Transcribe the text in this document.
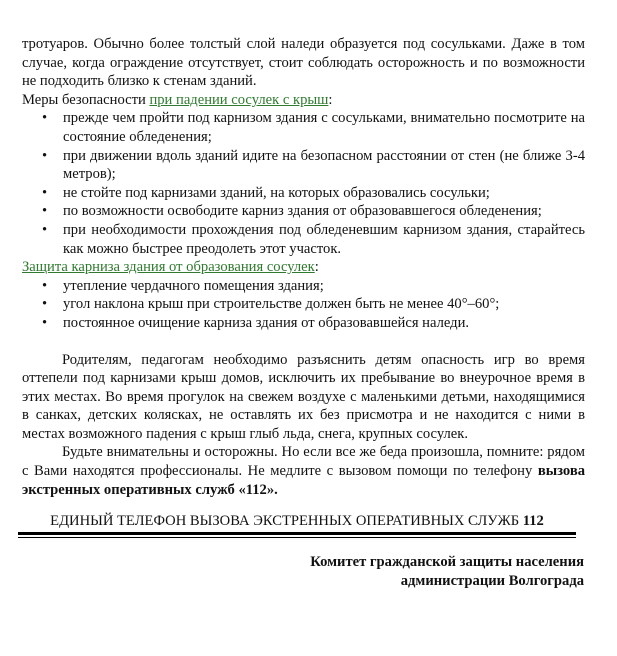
тротуаров. Обычно более толстый слой наледи образуется под сосульками. Даже в том случае, когда ограждение отсутствует, стоит соблюдать осторожность и по возможности не подходить близко к стенам зданий.

Меры безопасности при падении сосулек с крыш:

• прежде чем пройти под карнизом здания с сосульками, внимательно посмотрите на состояние обледенения;
• при движении вдоль зданий идите на безопасном расстоянии от стен (не ближе 3-4 метров);
• не стойте под карнизами зданий, на которых образовались сосульки;
• по возможности освободите карниз здания от образовавшегося обледенения;
• при необходимости прохождения под обледеневшим карнизом здания, старайтесь как можно быстрее преодолеть этот участок.

Защита карниза здания от образования сосулек:

• утепление чердачного помещения здания;
• угол наклона крыш при строительстве должен быть не менее 40°–60°;
• постоянное очищение карниза здания от образовавшейся наледи.

Родителям, педагогам необходимо разъяснить детям опасность игр во время оттепели под карнизами крыш домов, исключить их пребывание во внеурочное время в этих местах. Во время прогулок на свежем воздухе с маленькими детьми, находящимися в санках, детских колясках, не оставлять их без присмотра и не находится с ними в местах возможного падения с крыш глыб льда, снега, крупных сосулек.

Будьте внимательны и осторожны. Но если все же беда произошла, помните: рядом с Вами находятся профессионалы. Не медлите с вызовом помощи по телефону вызова экстренных оперативных служб «112».

ЕДИНЫЙ ТЕЛЕФОН ВЫЗОВА ЭКСТРЕННЫХ ОПЕРАТИВНЫХ СЛУЖБ 112
Комитет гражданской защиты населения
администрации Волгограда
